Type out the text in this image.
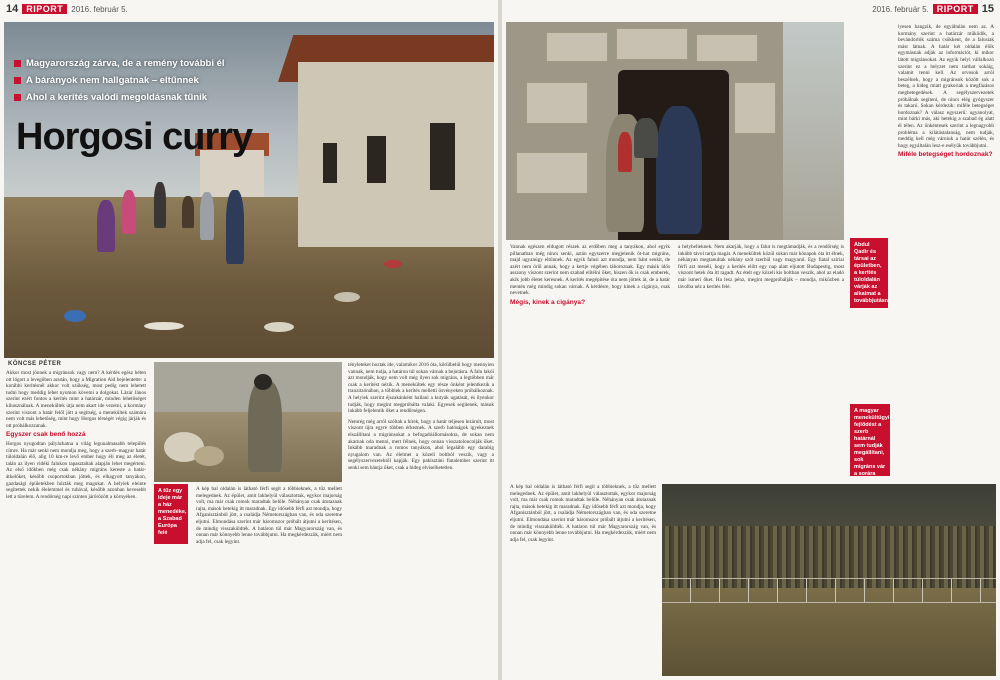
14 RIPORT	2016. február 5.
Magyarország zárva, de a remény további él
A bárányok nem hallgatnak – eltűnnek
Ahol a kerítés valódi megoldásnak tűnik
Horgosi curry
KÖNCSE PÉTER
Akkor most jönnek a migránsok vagy nem? A kérdés egész héten ott lógott a levegőben azután, hogy a Migration Aid bejelentette: a korábbi kerítésnél akkor volt szükség, most pedig nem lehetett tudni hogy meddig lehet nyomon követni a dolgokat. Lázár János szerint ezért fontos a kerítés mint a határzár, minden lehetőséget kihasználnak. A menekültek útja nem akart ide vezetni, a kormány szerint viszont a határ felől jött a segítség, a menekültek számára nem volt más lehetőség, mint hogy Horgos térségét végig járják és ott próbálkozzanak.
Egyszer csak benő hozzá
Horgos nyugodtan pályázhatna a világ legunalmasabb település címre. Ha már senki nem mondja meg, hogy a szerb–magyar határ túloldalán élő, alig 10 km-re levő ember hogy éli meg az életét, talán az ilyen vidéki falukon tapasztaltak alapján lehet megérteni. Az első időkben még csak néhány migráns kereste a határátkelőket, később csoportokban jöttek, és elhagyott tanyákon, gazdasági épületekben húzták meg magukat. A helyiek eleinte segítettek nekik élelemmel és ruhával, később azonban kevesebb lett a türelem. A rendőrség napi szinten járőrözött a környéken.
A tűz egy ideje már a ház menedéke, a Szabad Európa felé
A kép bal oldalán is látható férfi segít a többieknek, a tűz mellett melegednek. Az épület, amit lakhelyül választottak, egykor majorság volt, ma már csak romok maradtak belőle. Néhányan csak átutaznak rajta, mások hetekig itt maradnak. Egy idősebb férfi azt mondja, hogy Afganisztánból jött, a családja Németországban van, és oda szeretne eljutni. Elmondása szerint már háromszor próbált átjutni a kerítésen, de mindig visszaküldték. A határon túl már Magyarország van, és onnan már könnyebb lenne továbbjutni. Ha megkérdezzük, miért nem adja fel, csak legyint.
tényleteket hoztak ide, valamikor 2016 óta, körülbelül hogy mennyien vannak, nem tudja, a határon túl sokan várnak a bejutásra. A falu lakói azt mondják, hogy nem volt még ilyen sok migráns, a legtöbben már csak a kerítést nézik. A menekültek egy része önként jelentkezik a tranzitzónában, a többiek a kerítés melletti ösvényeken próbálkoznak. A helyiek szerint éjszakánként hallani a kutyák ugatását, és ilyenkor tudják, hogy megint megpróbálta valaki. Egyesek segítenek, mások inkább feljelentik őket a rendőrségen.
Nemrég még arról szóltak a hírek, hogy a határ teljesen lezárult, most viszont újra egyre többen érkeznek. A szerb hatóságok igyekeznek elszállítani a migránsokat a befogadóállomásokra, de sokan nem akarnak oda menni, mert félnek, hogy onnan visszatoloncolják őket. Inkább maradnak a romos tanyákon, ahol legalább egy darabig nyugalom van. Az élelmet a közeli boltból veszik, vagy a segélyszervezetektől kapják. Egy pakisztáni fiatalember szerint itt senki sem bántja őket, csak a hideg elviselhetetlen.
2016. február 5. RIPORT 15
Abdul Qadir és társai az épületben, a kerítés túloldalán várják az alkalmat a továbbjutásra
Vannak egészen eldugott részek az erdőben meg a tanyákon, ahol egyik pillanatban még nincs senki, aztán egyszerre megjelenik öt-hat migráns, majd ugyanúgy eltűnnek. Az egyik falusi azt mondja, nem bánt senkit, de azért nem örül annak, hogy a kertje végében táboroznak. Egy másik idős asszony viszont szerint nem szabad elítélni őket, hiszen ők is csak emberek, akik jobb életet keresnek. A kerítés megépítése óta nem jöttek át, de a határ mentén még mindig sokan várnak. A kérdésre, hogy kinek a cigánya, csak nevetnek.
Mégis, kinek a cigánya?
a helybelieknek. Nem akarják, hogy a falut is megtámadják, és a rendőrség is inkább távol tartja magát. A menekültek közül sokan már hónapok óta itt élnek, néhányan megtanultak néhány szót szerbül vagy magyarul. Egy fiatal szíriai férfi azt meséli, hogy a kerítés előtt egy nap alatt eljutott Budapestig, most viszont hetek óta itt ragadt. Az ételt egy közeli kis boltban veszik, ahol az eladó már ismeri őket. Ha lesz pénz, megint megpróbálják – mondja, miközben a távolba néz a kerítés felé.
A magyar menekültügyi fejlődést a szerb határnál sem tudják megállítani, sok migráns vár a sorára
lyesen hangzik, de egyáltalán nem az. A kormány szerint a határzár működik, a bevándorlók száma csökkent, de a falusiak mást látnak. A határ két oldalán élők egymásnak adják az információt, ki mikor látott migránsokat. Az egyik helyi vállalkozó szerint ez a helyzet nem tarthat sokáig, valamit tenni kell. Az orvosok arról beszélnek, hogy a migránsok között sok a beteg, a hideg miatt gyakoriak a megfázásos megbetegedések. A segélyszervezetek próbálnak segíteni, de nincs elég gyógyszer és takaró. Sokan kérdezik: miféle betegséget hordoznak? A válasz egyszerű: ugyanolyat, mint bárki más, aki hetekig a szabad ég alatt él télen. Az önkéntesek szerint a legnagyobb probléma a kilátástalanság, nem tudják, meddig kell még várniuk a határ szélén, és hogy egyáltalán lesz-e esélyük továbbjutni.
Miféle betegséget hordoznak?
A kép bal oldalán is látható férfi segít a többieknek, a tűz mellett melegednek. Az épület, amit lakhelyül választottak, egykor majorság volt, ma már csak romok maradtak belőle. Néhányan csak átutaznak rajta, mások hetekig itt maradnak. Egy idősebb férfi azt mondja, hogy Afganisztánból jött, a családja Németországban van, és oda szeretne eljutni. Elmondása szerint már háromszor próbált átjutni a kerítésen, de mindig visszaküldték. A határon túl már Magyarország van, és onnan már könnyebb lenne továbbjutni. Ha megkérdezzük, miért nem adja fel, csak legyint.
